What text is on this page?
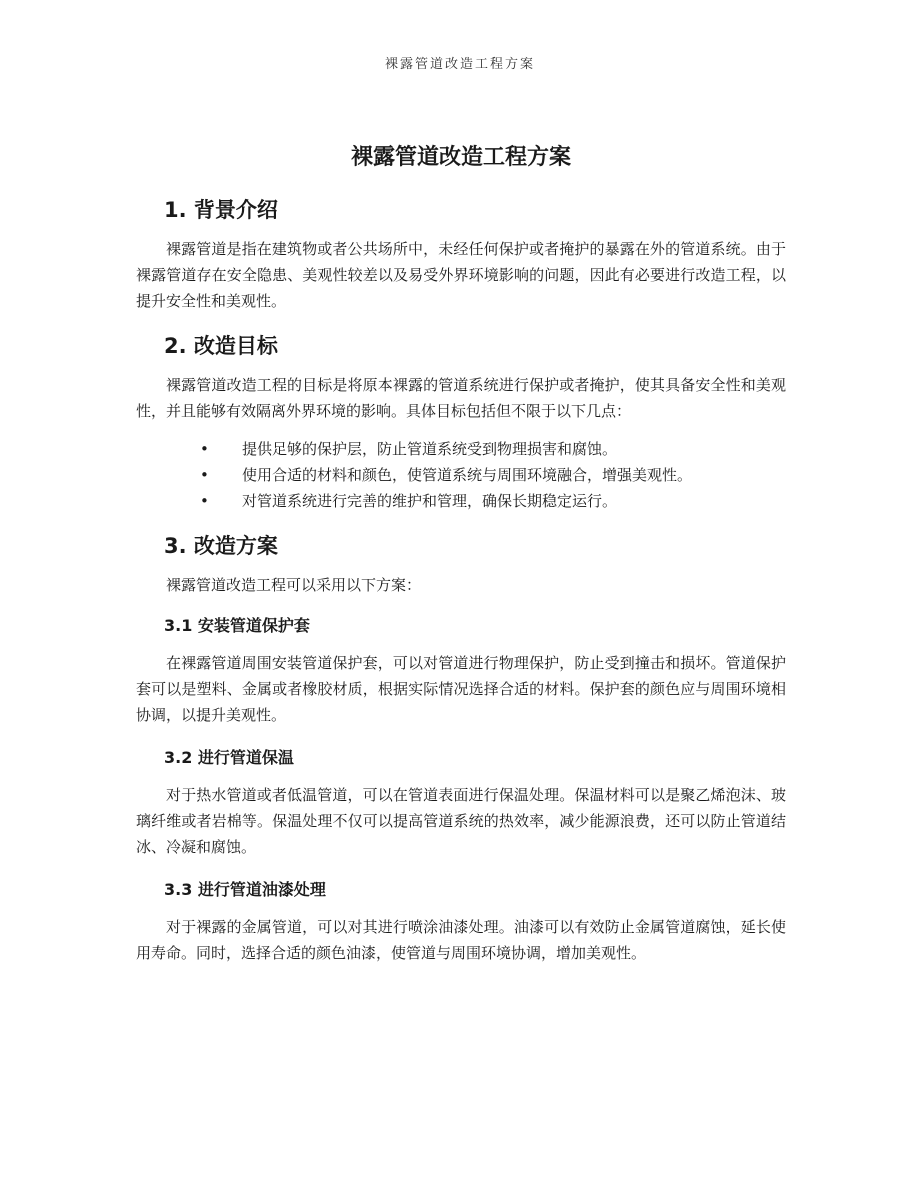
裸露管道改造工程方案
裸露管道改造工程方案
1. 背景介绍

裸露管道是指在建筑物或者公共场所中，未经任何保护或者掩护的暴露在外的管道系统。由于裸露管道存在安全隐患、美观性较差以及易受外界环境影响的问题，因此有必要进行改造工程，以提升安全性和美观性。

2. 改造目标

裸露管道改造工程的目标是将原本裸露的管道系统进行保护或者掩护，使其具备安全性和美观性，并且能够有效隔离外界环境的影响。具体目标包括但不限于以下几点：

• 提供足够的保护层，防止管道系统受到物理损害和腐蚀。
• 使用合适的材料和颜色，使管道系统与周围环境融合，增强美观性。
• 对管道系统进行完善的维护和管理，确保长期稳定运行。
3. 改造方案

裸露管道改造工程可以采用以下方案：

3.1 安装管道保护套

在裸露管道周围安装管道保护套，可以对管道进行物理保护，防止受到撞击和损坏。管道保护套可以是塑料、金属或者橡胶材质，根据实际情况选择合适的材料。保护套的颜色应与周围环境相协调，以提升美观性。

3.2 进行管道保温

对于热水管道或者低温管道，可以在管道表面进行保温处理。保温材料可以是聚乙烯泡沫、玻璃纤维或者岩棉等。保温处理不仅可以提高管道系统的热效率，减少能源浪费，还可以防止管道结冰、冷凝和腐蚀。

3.3 进行管道油漆处理

对于裸露的金属管道，可以对其进行喷涂油漆处理。油漆可以有效防止金属管道腐蚀，延长使用寿命。同时，选择合适的颜色油漆，使管道与周围环境协调，增加美观性。
